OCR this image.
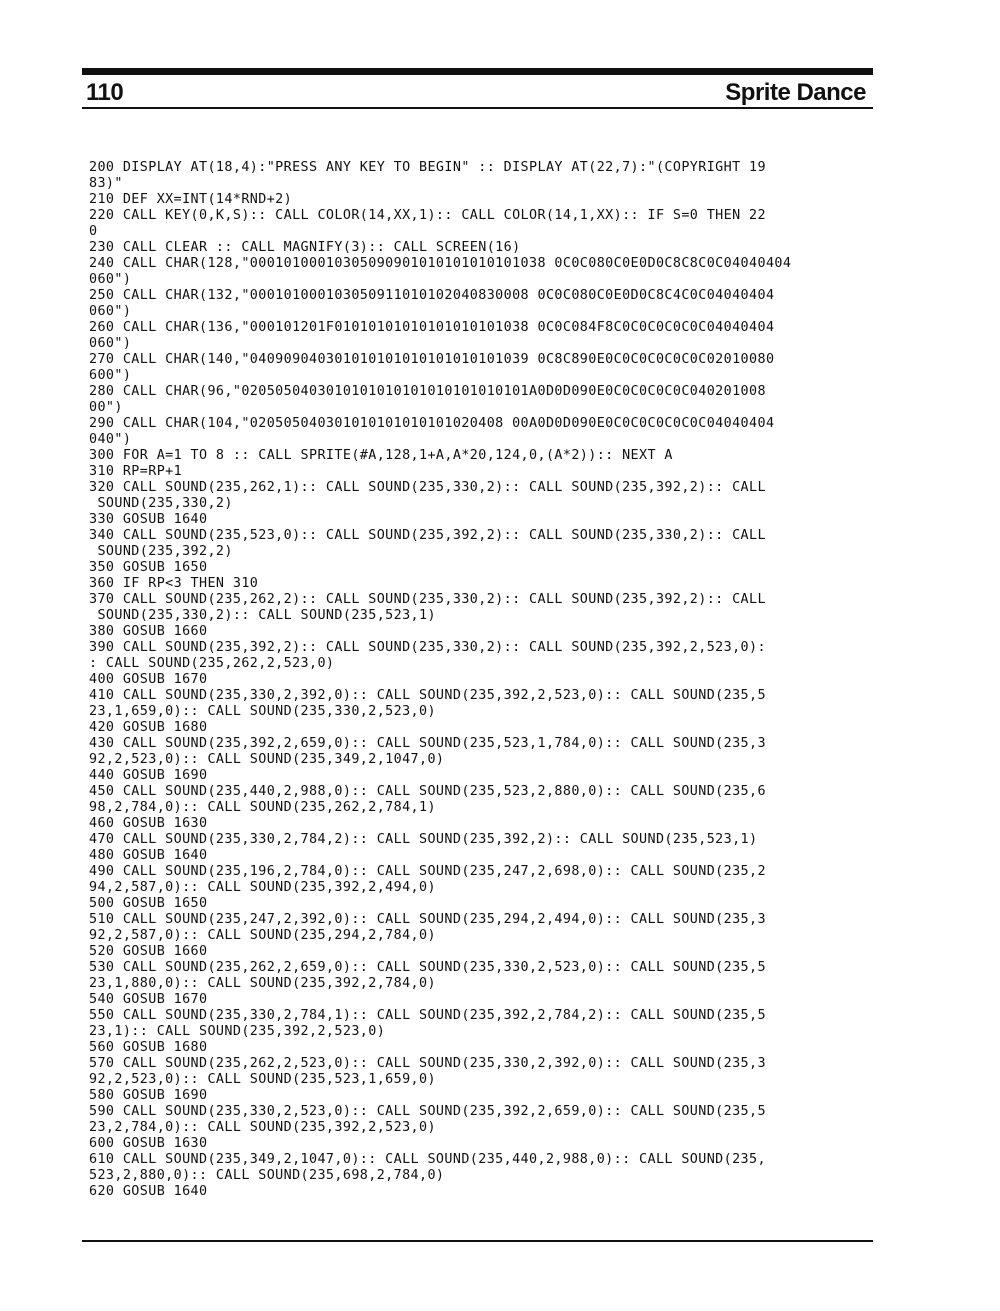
110	Sprite Dance
200 DISPLAY AT(18,4):"PRESS ANY KEY TO BEGIN" :: DISPLAY AT(22,7):"(COPYRIGHT 19
83)"
210 DEF XX=INT(14*RND+2)
220 CALL KEY(0,K,S):: CALL COLOR(14,XX,1):: CALL COLOR(14,1,XX):: IF S=0 THEN 22
0
230 CALL CLEAR :: CALL MAGNIFY(3):: CALL SCREEN(16)
240 CALL CHAR(128,"00010100010305090901010101010101038 0C0C080C0E0D0C8C8C0C04040404
060")
250 CALL CHAR(132,"000101000103050911010102040830008 0C0C080C0E0D0C8C4C0C04040404
060")
260 CALL CHAR(136,"000101201F01010101010101010101038 0C0C084F8C0C0C0C0C0C04040404
060")
270 CALL CHAR(140,"040909040301010101010101010101039 0C8C890E0C0C0C0C0C0C02010080
600")
280 CALL CHAR(96,"0205050403010101010101010101010101A0D0D090E0C0C0C0C0C040201008
00")
290 CALL CHAR(104,"020505040301010101010101020408 00A0D0D090E0C0C0C0C0C0C04040404
040")
300 FOR A=1 TO 8 :: CALL SPRITE(#A,128,1+A,A*20,124,0,(A*2)):: NEXT A
310 RP=RP+1
320 CALL SOUND(235,262,1):: CALL SOUND(235,330,2):: CALL SOUND(235,392,2):: CALL
SOUND(235,330,2)
330 GOSUB 1640
340 CALL SOUND(235,523,0):: CALL SOUND(235,392,2):: CALL SOUND(235,330,2):: CALL
SOUND(235,392,2)
350 GOSUB 1650
360 IF RP<3 THEN 310
370 CALL SOUND(235,262,2):: CALL SOUND(235,330,2):: CALL SOUND(235,392,2):: CALL
SOUND(235,330,2):: CALL SOUND(235,523,1)
380 GOSUB 1660
390 CALL SOUND(235,392,2):: CALL SOUND(235,330,2):: CALL SOUND(235,392,2,523,0):
: CALL SOUND(235,262,2,523,0)
400 GOSUB 1670
410 CALL SOUND(235,330,2,392,0):: CALL SOUND(235,392,2,523,0):: CALL SOUND(235,5
23,1,659,0):: CALL SOUND(235,330,2,523,0)
420 GOSUB 1680
430 CALL SOUND(235,392,2,659,0):: CALL SOUND(235,523,1,784,0):: CALL SOUND(235,3
92,2,523,0):: CALL SOUND(235,349,2,1047,0)
440 GOSUB 1690
450 CALL SOUND(235,440,2,988,0):: CALL SOUND(235,523,2,880,0):: CALL SOUND(235,6
98,2,784,0):: CALL SOUND(235,262,2,784,1)
460 GOSUB 1630
470 CALL SOUND(235,330,2,784,2):: CALL SOUND(235,392,2):: CALL SOUND(235,523,1)
480 GOSUB 1640
490 CALL SOUND(235,196,2,784,0):: CALL SOUND(235,247,2,698,0):: CALL SOUND(235,2
94,2,587,0):: CALL SOUND(235,392,2,494,0)
500 GOSUB 1650
510 CALL SOUND(235,247,2,392,0):: CALL SOUND(235,294,2,494,0):: CALL SOUND(235,3
92,2,587,0):: CALL SOUND(235,294,2,784,0)
520 GOSUB 1660
530 CALL SOUND(235,262,2,659,0):: CALL SOUND(235,330,2,523,0):: CALL SOUND(235,5
23,1,880,0):: CALL SOUND(235,392,2,784,0)
540 GOSUB 1670
550 CALL SOUND(235,330,2,784,1):: CALL SOUND(235,392,2,784,2):: CALL SOUND(235,5
23,1):: CALL SOUND(235,392,2,523,0)
560 GOSUB 1680
570 CALL SOUND(235,262,2,523,0):: CALL SOUND(235,330,2,392,0):: CALL SOUND(235,3
92,2,523,0):: CALL SOUND(235,523,1,659,0)
580 GOSUB 1690
590 CALL SOUND(235,330,2,523,0):: CALL SOUND(235,392,2,659,0):: CALL SOUND(235,5
23,2,784,0):: CALL SOUND(235,392,2,523,0)
600 GOSUB 1630
610 CALL SOUND(235,349,2,1047,0):: CALL SOUND(235,440,2,988,0):: CALL SOUND(235,
523,2,880,0):: CALL SOUND(235,698,2,784,0)
620 GOSUB 1640
